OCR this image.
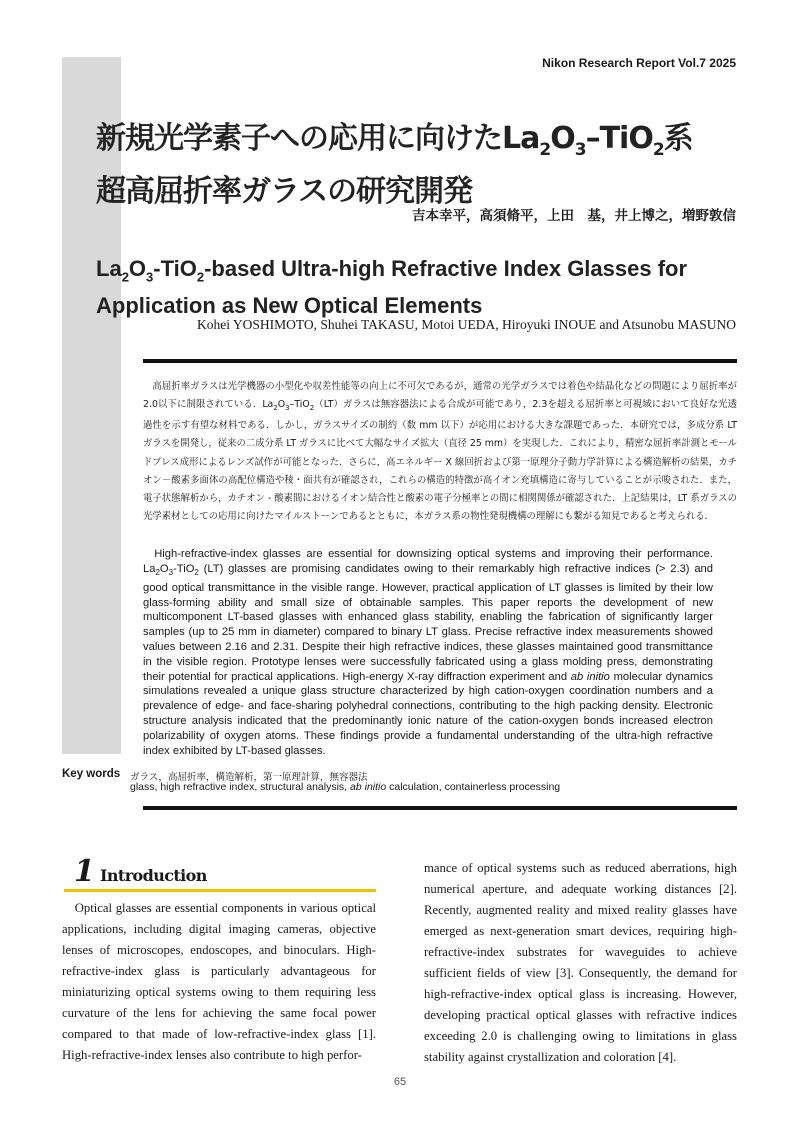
Nikon Research Report Vol.7 2025
新規光学素子への応用に向けた$La_2O_3-TiO_2$系
超高屈折率ガラスの研究開発
吉本幸平，高須脩平，上田　基，井上博之，増野敦信
$La_2O_3-TiO_2$-based Ultra-high Refractive Index Glasses for
Application as New Optical Elements
Kohei YOSHIMOTO, Shuhei TAKASU, Motoi UEDA, Hiroyuki INOUE and Atsunobu MASUNO

高屈折率ガラスは光学機器の小型化や収差性能等の向上に不可欠であるが，通常の光学ガラスでは着色や結晶化などの問題により屈折率が2.0以下に制限されている．$La_2O_3-TiO_2(LT)$ガラスは無容器法による合成が可能であり，2.3を超える屈折率と可視域において良好な光透過性を示す有望な材料である．しかし，ガラスサイズの制約（数 mm 以下）が応用における大きな課題であった．本研究では，多成分系 LT ガラスを開発し，従来の二成分系 LT ガラスに比べて大幅なサイズ拡大（直径 25 mm）を実現した．これにより，精密な屈折率計測とモールドプレス成形によるレンズ試作が可能となった．さらに，高エネルギー X 線回折および第一原理分子動力学計算による構造解析の結果，カチオン－酸素多面体の高配位構造や稜・面共有が確認され，これらの構造的特徴が高イオン充填構造に寄与していることが示唆された．また，電子状態解析から，カチオン - 酸素間におけるイオン結合性と酸素の電子分極率との間に相関関係が確認された．上記結果は，LT 系ガラスの光学素材としての応用に向けたマイルストーンであるとともに，本ガラス系の物性発現機構の理解にも繋がる知見であると考えられる．

High-refractive-index glasses are essential for downsizing optical systems and improving their performance. $La_2O_3-TiO_2$ (LT) glasses are promising candidates owing to their remarkably high refractive indices (> 2.3) and good optical transmittance in the visible range. However, practical application of LT glasses is limited by their low glass-forming ability and small size of obtainable samples. This paper reports the development of new multicomponent LT-based glasses with enhanced glass stability, enabling the fabrication of significantly larger samples (up to 25 mm in diameter) compared to binary LT glass. Precise refractive index measurements showed values between 2.16 and 2.31. Despite their high refractive indices, these glasses maintained good transmittance in the visible region. Prototype lenses were successfully fabricated using a glass molding press, demonstrating their potential for practical applications. High-energy X-ray diffraction experiment and ab initio molecular dynamics simulations revealed a unique glass structure characterized by high cation-oxygen coordination numbers and a prevalence of edge- and face-sharing polyhedral connections, contributing to the high packing density. Electronic structure analysis indicated that the predominantly ionic nature of the cation-oxygen bonds increased electron polarizability of oxygen atoms. These findings provide a fundamental understanding of the ultra-high refractive index exhibited by LT-based glasses.

Key words ガラス，高屈折率，構造解析，第一原理計算，無容器法
glass, high refractive index, structural analysis, ab initio calculation, containerless processing
1 Introduction

Optical glasses are essential components in various optical applications, including digital imaging cameras, objective lenses of microscopes, endoscopes, and binoculars. High-refractive-index glass is particularly advantageous for miniaturizing optical systems owing to them requiring less curvature of the lens for achieving the same focal power compared to that made of low-refractive-index glass [1]. High-refractive-index lenses also contribute to high perfor-

mance of optical systems such as reduced aberrations, high numerical aperture, and adequate working distances [2]. Recently, augmented reality and mixed reality glasses have emerged as next-generation smart devices, requiring high-refractive-index substrates for waveguides to achieve sufficient fields of view [3]. Consequently, the demand for high-refractive-index optical glass is increasing. However, developing practical optical glasses with refractive indices exceeding 2.0 is challenging owing to limitations in glass stability against crystallization and coloration [4].

65
